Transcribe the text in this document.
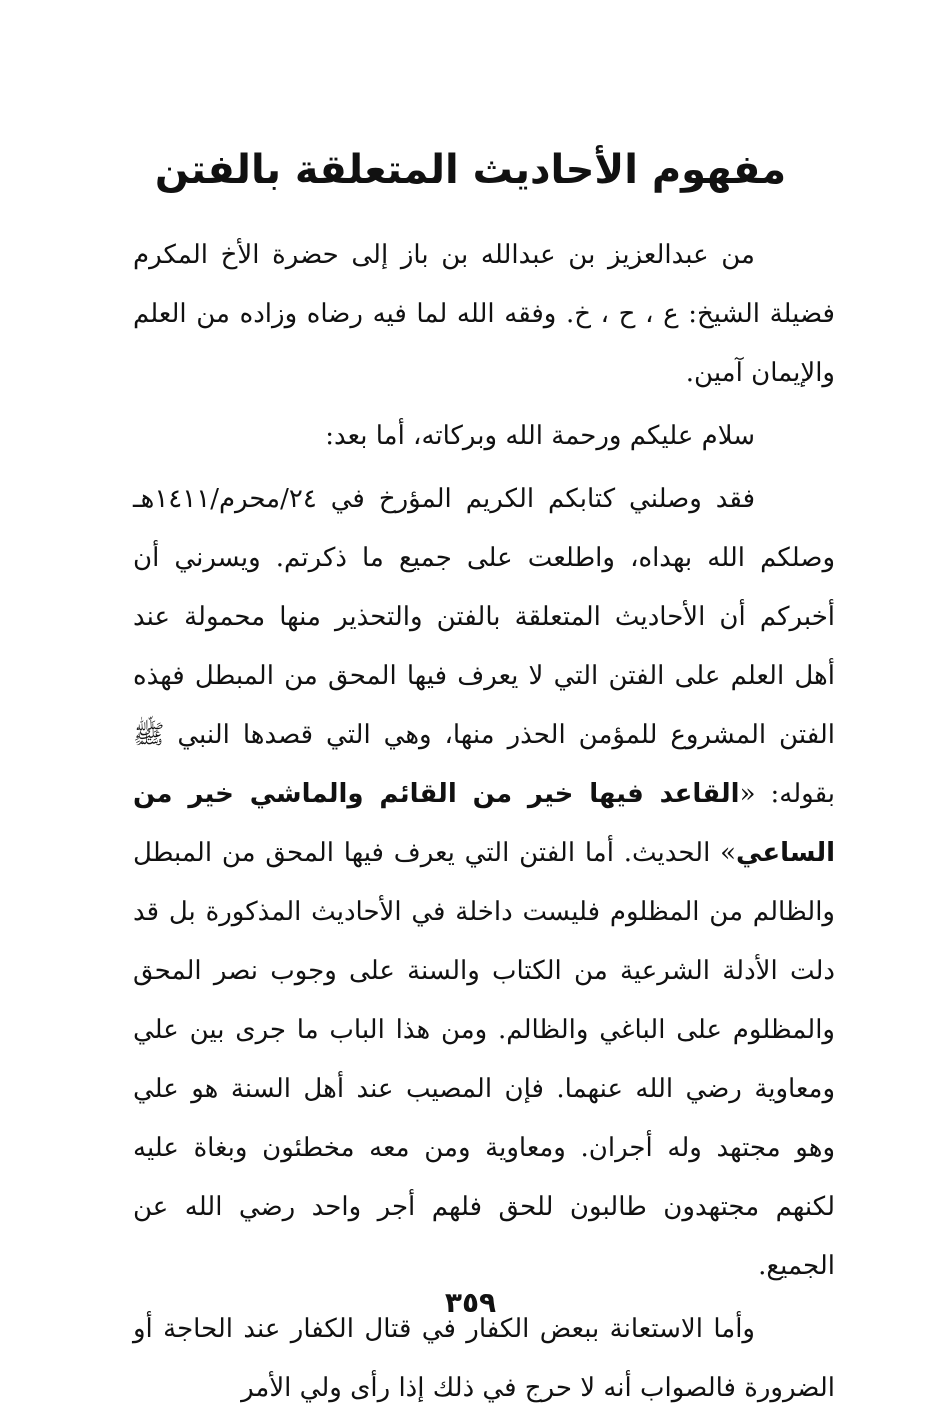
مفهوم الأحاديث المتعلقة بالفتن

من عبدالعزيز بن عبدالله بن باز إلى حضرة الأخ المكرم فضيلة الشيخ: ع ، ح ، خ. وفقه الله لما فيه رضاه وزاده من العلم والإيمان آمين.

سلام عليكم ورحمة الله وبركاته، أما بعد:

فقد وصلني كتابكم الكريم المؤرخ في ٢٤/محرم/١٤١١هـ وصلكم الله بهداه، واطلعت على جميع ما ذكرتم. ويسرني أن أخبركم أن الأحاديث المتعلقة بالفتن والتحذير منها محمولة عند أهل العلم على الفتن التي لا يعرف فيها المحق من المبطل فهذه الفتن المشروع للمؤمن الحذر منها، وهي التي قصدها النبي ﷺ بقوله: «القاعد فيها خير من القائم والماشي خير من الساعي» الحديث. أما الفتن التي يعرف فيها المحق من المبطل والظالم من المظلوم فليست داخلة في الأحاديث المذكورة بل قد دلت الأدلة الشرعية من الكتاب والسنة على وجوب نصر المحق والمظلوم على الباغي والظالم. ومن هذا الباب ما جرى بين علي ومعاوية رضي الله عنهما. فإن المصيب عند أهل السنة هو علي وهو مجتهد وله أجران. ومعاوية ومن معه مخطئون وبغاة عليه لكنهم مجتهدون طالبون للحق فلهم أجر واحد رضي الله عن الجميع.

وأما الاستعانة ببعض الكفار في قتال الكفار عند الحاجة أو الضرورة فالصواب أنه لا حرج في ذلك إذا رأى ولي الأمر

٣٥٩
